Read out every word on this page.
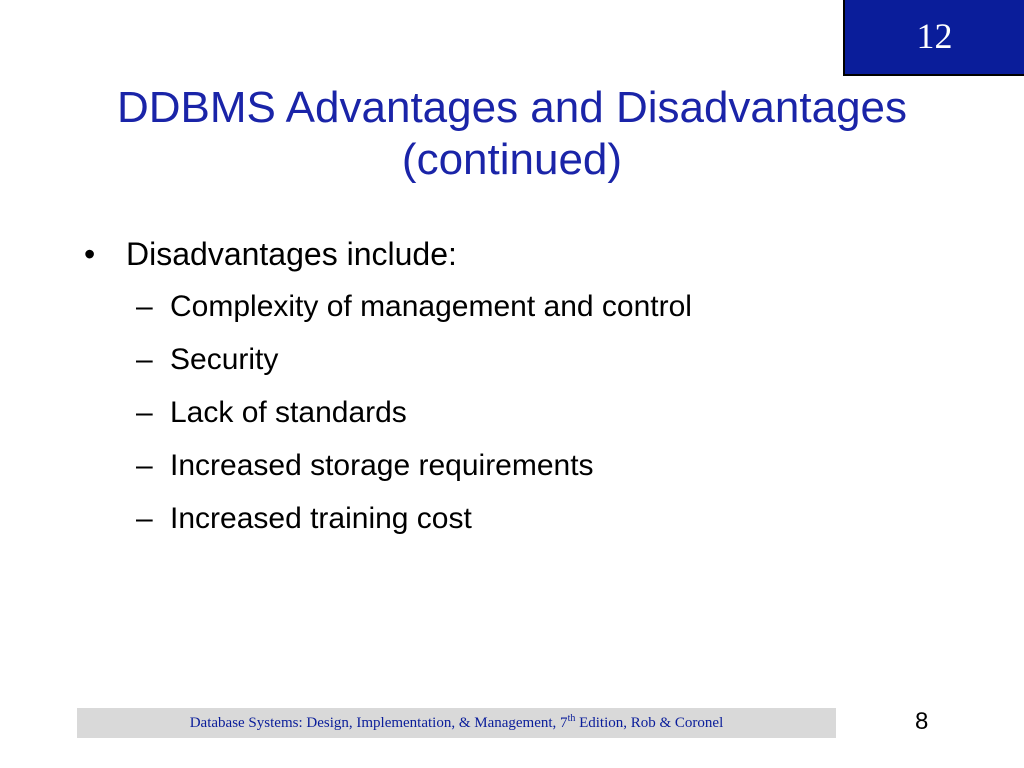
12
DDBMS Advantages and Disadvantages
(continued)
• Disadvantages include:
– Complexity of management and control
– Security
– Lack of standards
– Increased storage requirements
– Increased training cost
Database Systems: Design, Implementation, & Management, 7th Edition, Rob & Coronel	8
